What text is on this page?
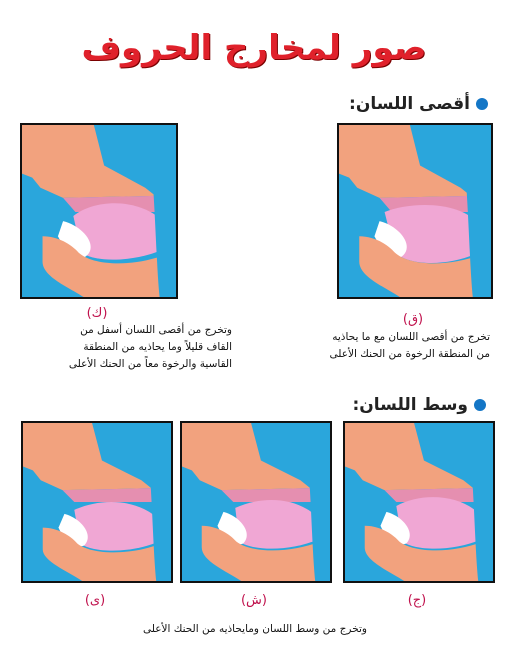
صور لمخارج الحروف
أقصى اللسان:
(ق)
تخرج من أقصى اللسان مع ما يحاذيه من المنطقة الرخوة من الحنك الأعلى
(ك)
وتخرج من أقصى اللسان أسفل من القاف قليلاً وما يحاذيه من المنطقة القاسية والرخوة معاً من الحنك الأعلى
وسط اللسان:
(ج)
(ش)
(ى)
وتخرج من وسط اللسان ومايحاذيه من الحنك الأعلى
